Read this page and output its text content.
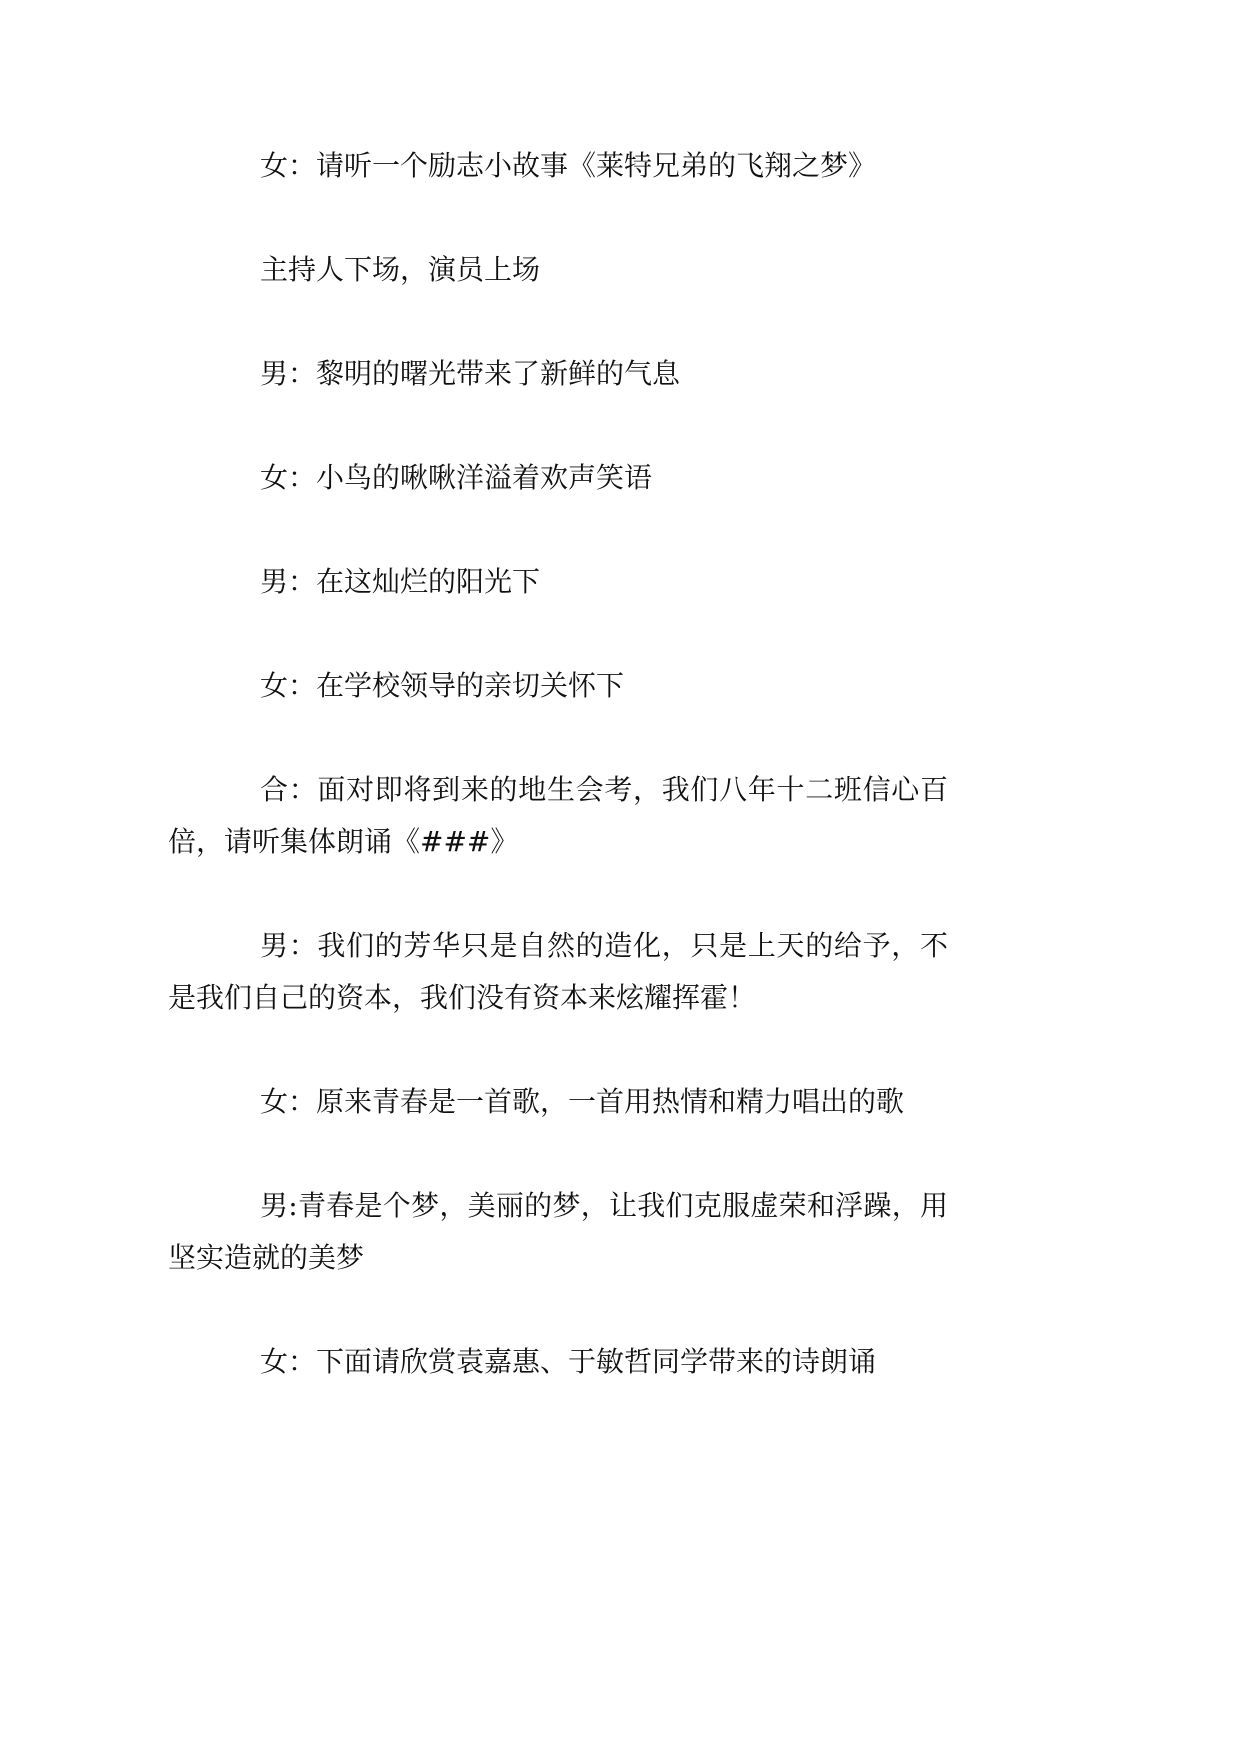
女：请听一个励志小故事《莱特兄弟的飞翔之梦》

主持人下场，演员上场

男：黎明的曙光带来了新鲜的气息

女：小鸟的啾啾洋溢着欢声笑语

男：在这灿烂的阳光下

女：在学校领导的亲切关怀下

合：面对即将到来的地生会考，我们八年十二班信心百倍，请听集体朗诵《###》

男：我们的芳华只是自然的造化，只是上天的给予，不是我们自己的资本，我们没有资本来炫耀挥霍！

女：原来青春是一首歌，一首用热情和精力唱出的歌

男:青春是个梦，美丽的梦，让我们克服虚荣和浮躁，用坚实造就的美梦

女：下面请欣赏袁嘉惠、于敏哲同学带来的诗朗诵
